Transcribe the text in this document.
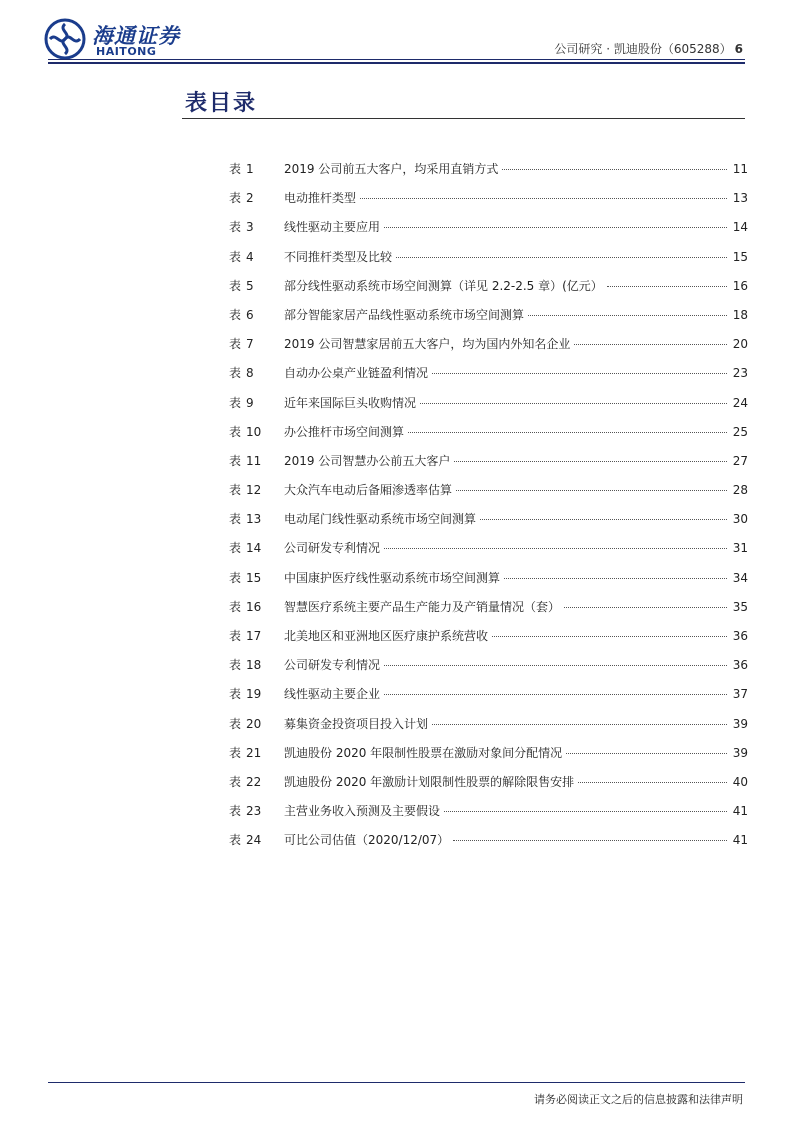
海通证券
HAITONG	公司研究 · 凯迪股份（605288） 6
表目录
表 1	2019 公司前五大客户，均采用直销方式	11
表 2	电动推杆类型	13
表 3	线性驱动主要应用	14
表 4	不同推杆类型及比较	15
表 5	部分线性驱动系统市场空间测算（详见 2.2-2.5 章）(亿元）	16
表 6	部分智能家居产品线性驱动系统市场空间测算	18
表 7	2019 公司智慧家居前五大客户，均为国内外知名企业	20
表 8	自动办公桌产业链盈利情况	23
表 9	近年来国际巨头收购情况	24
表 10	办公推杆市场空间测算	25
表 11	2019 公司智慧办公前五大客户	27
表 12	大众汽车电动后备厢渗透率估算	28
表 13	电动尾门线性驱动系统市场空间测算	30
表 14	公司研发专利情况	31
表 15	中国康护医疗线性驱动系统市场空间测算	34
表 16	智慧医疗系统主要产品生产能力及产销量情况（套）	35
表 17	北美地区和亚洲地区医疗康护系统营收	36
表 18	公司研发专利情况	36
表 19	线性驱动主要企业	37
表 20	募集资金投资项目投入计划	39
表 21	凯迪股份 2020 年限制性股票在激励对象间分配情况	39
表 22	凯迪股份 2020 年激励计划限制性股票的解除限售安排	40
表 23	主营业务收入预测及主要假设	41
表 24	可比公司估值（2020/12/07）	41
请务必阅读正文之后的信息披露和法律声明
